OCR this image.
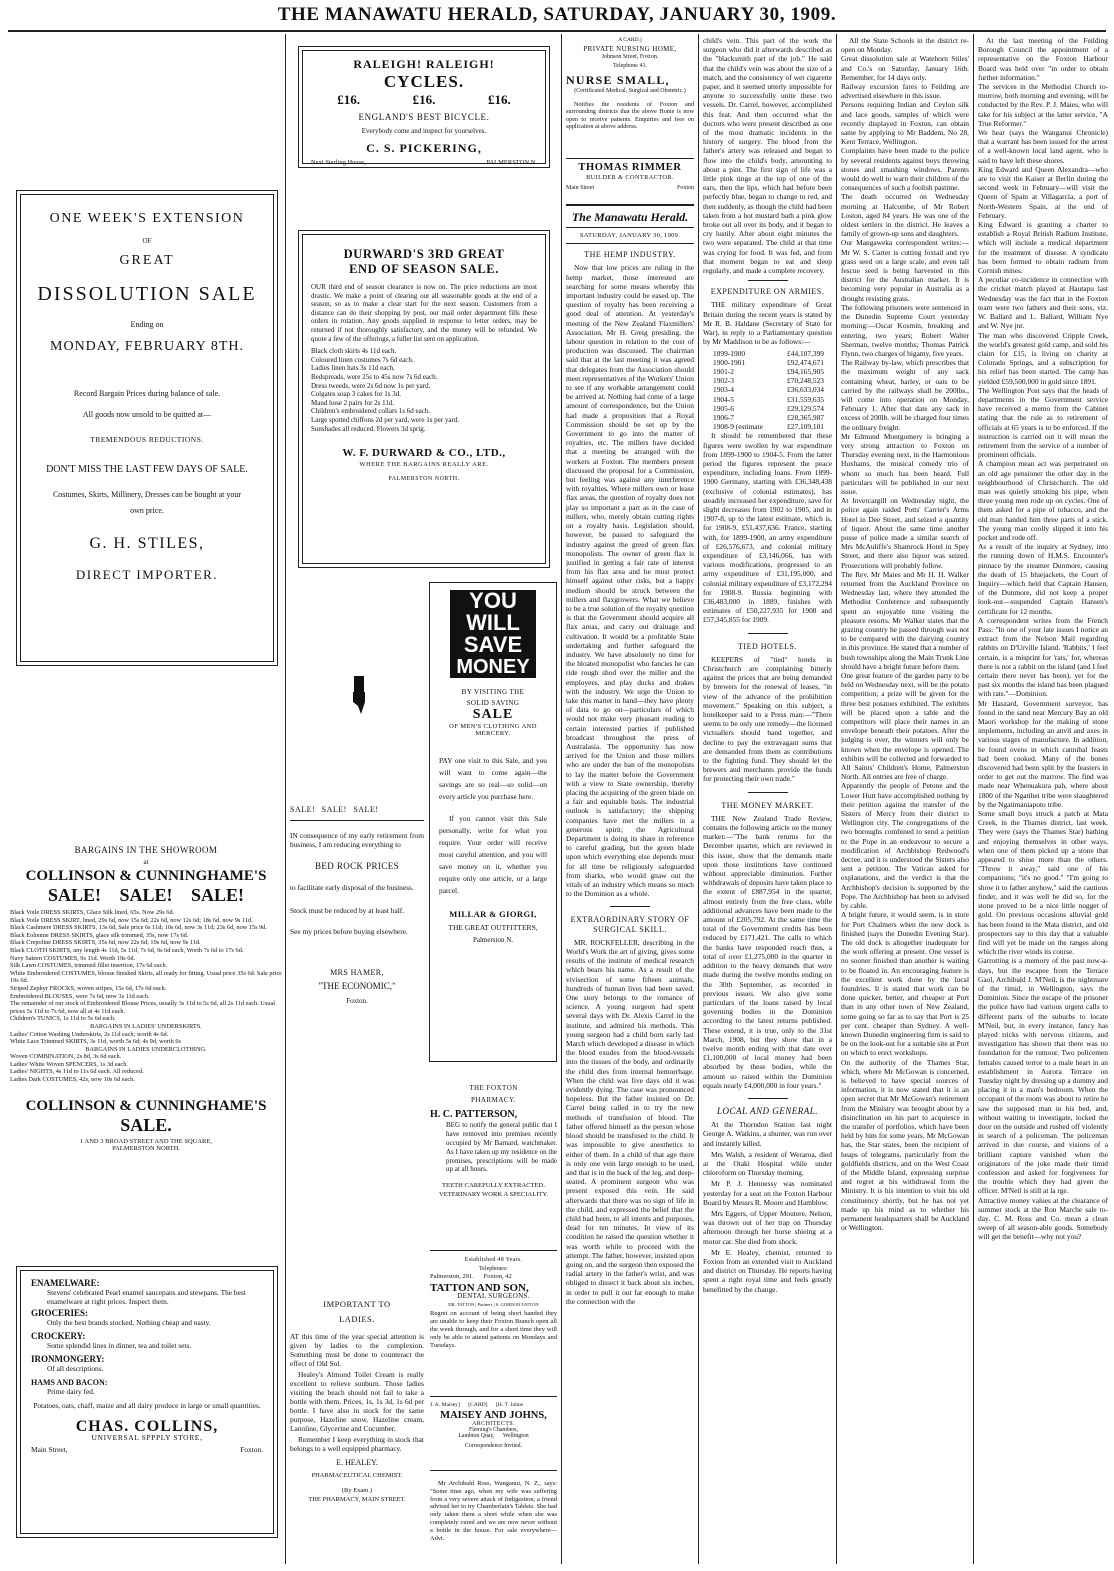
THE MANAWATU HERALD, SATURDAY, JANUARY 30, 1909.
ONE WEEK'S EXTENSION
OF
GREAT
DISSOLUTION SALE
Ending on
MONDAY, FEBRUARY 8TH.
Record Bargain Prices during balance of sale.
All goods now unsold to be quitted at—
TREMENDOUS REDUCTIONS.
DON'T MISS THE LAST FEW DAYS OF SALE.
Costumes, Skirts, Millinery, Dresses can be bought at your own price.
G. H. STILES,
DIRECT IMPORTER.
BARGAINS IN THE SHOWROOM
at
COLLINSON & CUNNINGHAME'S
SALE! SALE! SALE!
Black Voile DRESS SKIRTS, Glace Silk lined, 65s. Now 29s 6d.
Black Voile DRESS SKIRT, lined, 29s 6d, now 15s 6d; 22s 6d, now 12s 6d; 18s 6d, now 9s 11d.
Black Cashmere DRESS SKIRTS, 13s 6d, Sale price 6s 11d; 10s 6d, now 3s 11d; 23s 6d, now 15s 9d.
Black Eolienne DRESS SKIRTS, glace silk trimmed, 35s, now 17s 6d.
Black Crepoline DRESS SKIRTS, 35s 6d, now 22s 6d; 19s 6d, now 9s 11d.
Black CLOTH SKIRTS, any length 4s 11d, 5s 11d, 7s 6d, 9s 6d each, Worth 7s 6d to 17s 6d.
Navy Sateen COSTUMES, 9s 11d. Worth 19s 6d.
Silk Lawn COSTUMES, trimmed fillet insertion, 17s 6d each.
White Embroidered COSTUMES, blouse finished Skirts, all ready for fitting. Usual price 35s 6d. Sale price 19s 6d.
Striped Zephyr FROCKS, woven stripes, 15s 6d, 17s 6d each.
Embroidered BLOUSES, were 7s 6d, now 3s 11d each.
The remainder of our stock of Embroidered Blouse Prices, usually 3s 11d to 5s 6d, all 2s 11d each. Usual prices 5s 11d to 7s 6d, now all at 4s 11d each.
Children's TUNICS, 1s 11d to 5s 6d each.
BARGAINS IN LADIES' UNDERSKIRTS.
Ladies' Cotton Washing Underskirts, 2s 11d each; worth 4s 6d.
White Lace Trimmed SKIRTS, 3s 11d, worth 5s 6d; 4s 9d, worth 6s
BARGAINS IN LADIES UNDERCLOTHING.
Woven COMBINATION, 2s 8d, 3s 6d each.
Ladies' White Woven SPENCERS, 1s 3d each.
Ladies' NIGHTS, 4s 11d to 11s 6d each. All reduced.
Ladies Dark COSTUMES, 42s, now 10s 6d each.
COLLINSON & CUNNINGHAME'S
SALE.
1 AND 3 BROAD STREET AND THE SQUARE, PALMERSTON NORTH.
ENAMELWARE:
Stevens' celebrated Pearl enamel saucepans and stewpans. The best enamelware at right prices. Inspect them.
GROCERIES:
Only the best brands stocked. Nothing cheap and nasty.
CROCKERY:
Some splendid lines in dinner, tea and toilet sets.
IRONMONGERY:
Of all descriptions.
HAMS AND BACON:
Prime dairy fed.
Potatoes, oats, chaff, maize and all dairy produce in large or small quantities.
CHAS. COLLINS,
UNIVERSAL SPPPLY STORE,
Main Street,	Foxton.
RALEIGH! RALEIGH!
CYCLES.
£16.	£16.	£16.
ENGLAND'S BEST BICYCLE.
Everybody come and inspect for yourselves.
C. S. PICKERING,
Next Sterling House,	PALMERSTON N.
DURWARD'S 3RD GREAT
END OF SEASON SALE.
OUR third end of season clearance is now on. The price reductions are most drastic. We make a point of clearing out all seasonable goods at the end of a season, so as to make a clear start for the next season. Customers from a distance can do their shopping by post, our mail order department fills these orders in rotation. Any goods supplied in response to letter orders, may be returned if not thoroughly satisfactory, and the money will be refunded. We quote a few of the offerings, a fuller list sent on application.
Black cloth skirts 4s 11d each.
Coloured linen costumes 7s 6d each.
Ladies linen hats 3s 11d each.
Bedspreads, were 25s to 45s now 7s 6d each.
Dress tweeds, were 2s 6d now 1s per yard.
Colgates soap 3 cakes for 1s 3d.
Maud hose 2 pairs for 2s 11d.
Children's embroidered collars 1s 6d each.
Large spotted chiffons 2d per yard, were 1s per yard.
Sunshades all reduced. Flowers 3d sprig.
W. F. DURWARD & CO., LTD.,
WHERE THE BARGAINS REALLY ARE.
PALMERSTON NORTH.
SALE! SALE! SALE!
IN consequence of my early retirement from business, I am reducing everything to
BED ROCK PRICES
to facilitate early disposal of the business.
Stock must be reduced by at least half.
See my prices before buying elsewhere.
MRS HAMER,
"THE ECONOMIC,"
Foxton.
IMPORTANT TO
LADIES.
AT this time of the year special attention is given by ladies to the complexion. Something must be done to counteract the effect of Old Sol.
Healey's Almond Toilet Cream is really excellent to relieve sunburn. Those ladies visiting the beach should not fail to take a bottle with them. Prices, 1s, 1s 3d, 1s 6d per bottle. I have also in stock for the same purpose, Hazeline snow, Hazeline cream, Lanoline, Glycerine and Cucumber.
Remember I keep everything in stock that belongs to a well equipped pharmacy.
E. HEALEY.
PHARMACEUTICAL CHEMIST.
(By Exam.)
THE PHARMACY, MAIN STREET.
YOU
WILL
SAVE
MONEY
BY VISITING THE
SOLID SAVING
SALE
OF MEN'S CLOTHING AND MERCERY.
PAY one visit to this Sale, and you will want to come again—the savings are so real—so solid—on every article you purchase here.
If you cannot visit this Sale personally, write for what you require. Your order will receive most careful attention, and you will save money on it, whether you require only one article, or a large parcel.
MILLAR & GIORGI,
THE GREAT OUTFITTERS,
Palmerston N.
THE FOXTON
PHARMACY.
H. C. PATTERSON,
BEG to notify the general public that I have removed into premises recently occupied by Mr Barnard, watchmaker. As I have taken up my residence on the premises, prescriptions will be made up at all hours.
TEETH CAREFULLY EXTRACTED.
VETERINARY WORK A SPECIALITY.
Established 48 Years.
Telephones:
Palmerston, 291.      Foxton, 42
TATTON AND SON,
DENTAL SURGEONS.
DR. TATTON | Partners | S. GORDON TATTON
Regret on account of being short handed they are unable to keep their Foxton Branch open all the week through, and for a short time they will only be able to attend patients on Mondays and Tuesdays.
J. A. Maisey]      [CARD]      [H. T. Johns
MAISEY AND JOHNS,
ARCHITECTS.
Fleming's Chambers,
Lambton Quay,      Wellington
Correspondence Invited.

Mr Archibald Ross, Wanganui, N. Z., says: "Some time ago, when my wife was suffering from a very severe attack of Indigestion, a friend advised her to try Chamberlain's Tablets. She had only taken them a short while when she was completely cured and we are now never without a bottle in the house. For sale everywhere—Advt.

A CARD.]
PRIVATE NURSING HOME,
Johnson Street, Foxton.
Telephone 43.
NURSE SMALL,
(Certificated Medical, Surgical and Obstetric.)
Notifies the residents of Foxton and surrounding districts that the above Home is now open to receive patients. Enquiries and fees on application at above address.
THOMAS RIMMER
BUILDER & CONTRACTOR.
Main Street	Foxton
The Manawatu Herald.
SATURDAY, JANUARY 30, 1909.
THE HEMP INDUSTRY.

Now that low prices are ruling in the hemp market, those interested are searching for some means whereby this important industry could be eased up. The question of royalty has been receiving a good deal of attention. At yesterday's meeting of the New Zealand Flaxmillers' Association, Mr H. Greig presiding, the labour question in relation to the cost of production was discussed. The chairman said that at the last meeting it was agreed that delegates from the Association should meet representatives of the Workers' Union to see if any workable arrangement could be arrived at. Nothing had come of a large amount of correspondence, but the Union had made a proposition that a Royal Commission should be set up by the Government to go into the matter of royalties, etc. The millers have decided that a meeting be arranged with the workers at Foxton. The members present discussed the proposal for a Commission, but feeling was against any interference with royalties. Where millers own or lease flax areas, the question of royalty does not play so important a part as in the case of millers, who, merely obtain cutting rights on a royalty basis. Legislation should, however, be passed to safeguard the industry against the greed of green flax monopolists. The owner of green flax is justified in getting a fair rate of interest from his flax area and he must protect himself against other risks, but a happy medium should be struck between the millers and flaxgrowers. What we believe to be a true solution of the royalty question is that the Government should acquire all flax areas, and carry out drainage and cultivation. It would be a profitable State undertaking and further safeguard the industry. We have absolutely no time for the bloated monopolist who fancies he can ride rough shod over the miller and the employees, and play ducks and drakes with the industry. We urge the Union to take this matter in hand—they have plenty of data to go on—particulars of which would not make very pleasant reading to certain interested parties if published broadcast throughout the press of Australasia. The opportunity has now arrived for the Union and those millers who are under the ban of the monopolists to lay the matter before the Government with a view to State ownership, thereby placing the acquiring of the green blade on a fair and equitable basis. The industrial outlook is satisfactory; the shipping companies have met the millers in a generous spirit; the Agricultural Department is doing its share in reference to careful grading, but the green blade upon which everything else depends must for all time be religiously safeguarded from sharks, who would gnaw out the vitals of an industry which means so much to the Dominion as a whole.

EXTRAORDINARY STORY OF SURGICAL SKILL.

MR. ROCKFELLER, describing in the World's Work the art of giving, gives some results of the institute of medical research which bears his name. As a result of the vivisection of some fifteen animals, hundreds of human lives had been saved. One story belongs to the romance of science. A young surgeon had spent several days with Dr. Alexis Carrel in the institute, and admired his methods. This young surgeon had a child born early last March which developed a disease in which the blood exudes from the blood-vessels into the tissues of the body, and ordinarily the child dies from internal hemorrhage. When the child was five days old it was evidently dying. The case was pronounced hopeless. But the father insisted on Dr. Carrel being called in to try the new methods of transfusion of blood. The father offered himself as the person whose blood should be transfused to the child. It was impossible to give anesthetics to either of them. In a child of that age there is only one vein large enough to be used, and that is in the back of the leg, and deep-seated. A prominent surgeon who was present exposed this vein. He said afterwards that there was no sign of life in the child, and expressed the belief that the child had been, to all intents and purposes, dead for ten minutes. In view of its condition he raised the question whether it was worth while to proceed with the attempt. The father, however, insisted upon going on, and the surgeon then exposed the radial artery in the father's wrist, and was obliged to dissect it back about six inches, in order to pull it out far enough to make the connection with the

child's vein. This part of the work the surgeon who did it afterwards described as the "blacksmith part of the job." He said that the child's vein was about the size of a match, and the consistency of wet cigarette paper, and it seemed utterly impossible for anyone to successfully unite these two vessels. Dr. Carrel, however, accomplished this feat. And then occurred what the doctors who were present described as one of the most dramatic incidents in the history of surgery. The blood from the father's artery was released and began to flow into the child's body, amounting to about a pint. The first sign of life was a little pink tinge at the top of one of the ears, then the lips, which had before been perfectly blue, began to change to red, and then suddenly, as though the child had been taken from a hot mustard bath a pink glow broke out all over its body, and it began to cry lustily. After about eight minutes the two were separated. The child at that time was crying for food. It was fed, and from that moment began to eat and sleep regularly, and made a complete recovery.

EXPENDITURE ON ARMIES.

THE military expenditure of Great Britain during the recent years is stated by Mr R. B. Haldane (Secretary of State for War), in reply to a Parliamentary question by Mr Maddison to be as follows:—

1899-1900	£44,107,399
1900-1901	£92,474,671
1901-2	£94,165,905
1902-3	£70,248,523
1903-4	£36,633,034
1904-5	£31,559,635
1905-6	£29,129,574
1906-7	£28,365,987
1908-9 (estimate	£27,109,101

It should be remembered that these figures were swollen by war expenditure from 1899-1900 to 1904-5. From the latter period the figures represent the peace expenditure, including loans. From 1899-1900 Germany, starting with £36,348,438 (exclusive of colonial estimates), has steadily increased her expenditure, save for slight decreases from 1902 to 1905, and in 1907-8, up to the latest estimate, which is, for 1908-9, £51,437,636. France, starting with, for 1899-1900, an army expenditure of £26,576,673, and colonial military expenditure of £3,146,066, has with various modifications, progressed to an army expenditure of £31,195,000, and colonial military expenditure of £3,172,294 for 1908-9. Russia beginning with £36,483,000 in 1889, finishes with estimates of £50,227,935 for 1908 and £57,345,855 for 1909.

TIED HOTELS.

KEEPERS of "tied" hotels in Christchurch are complaining bitterly against the prices that are being demanded by brewers for the renewal of leases, "in view of the advance of the prohibition movement." Speaking on this subject, a hotelkeeper said to a Press man:—"There seems to be only one remedy—the licensed victuallers should band together, and decline to pay the extravagant sums that are demanded from them as contributions to the fighting fund. They should let the brewers and merchants provide the funds for protecting their own trade."

THE MONEY MARKET.

THE New Zealand Trade Review, contains the following article on the money market:—"The bank returns for the December quarter, which are reviewed in this issue, show that the demands made upon those institutions have continued without appreciable diminution. Further withdrawals of deposits have taken place to the extent of £887,954 in the quarter, almost entirely from the free class, while additional advances have been made to the amount of £205,792. At the same time the total of the Government credits has been reduced by £171,421. The calls to which the banks have responded reach thus, a total of over £1,275,000 in the quarter in addition to the heavy demands that were made during the twelve months ending on the 30th September, as recorded in previous issues. We also give some particulars of the loans raised by local governing bodies in the Dominion according to the latest returns published. These extend, it is true, only to the 31st March, 1908, but they show that in a twelve month ending with that date over £1,100,000 of local money had been absorbed by these bodies, while the amount so raised within the Dominion equals nearly £4,000,000 in four years."

LOCAL AND GENERAL.

At the Thorndon Station last night George A. Watkins, a shunter, was run over and instantly killed.

Mrs Walsh, a resident of Weraroa, died at the Otaki Hospital while under chloroform on Thursday morning.

Mr P. J. Hennessy was nominated yesterday for a seat on the Foxton Harbour Board by Messrs R. Moore and Hamblow.

Mrs Eggers, of Upper Moutere, Nelson, was thrown out of her trap on Thursday afternoon through her horse shieing at a motor car. She died from shock.

Mr E. Healey, chemist, returned to Foxton from an extended visit to Auckland and district on Thursday. He reports having spent a right royal time and feels greatly benefitted by the change.

All the State Schools in the district re-open on Monday.
Great dissolution sale at Watehorn Stiles' and Co.'s on Saturday, January 16th. Remember, for 14 days only.
Railway excursion fares to Feilding are advertised elsewhere in this issue.
Persons requiring Indian and Ceylon silk and lace goods, samples of which were recently displayed in Foxton, can obtain same by applying to Mr Baddem, No 28, Kent Terrace, Wellington.
Complaints have been made to the police by several residents against boys throwing stones and smashing windows. Parents would do well to warn their children of the consequences of such a foolish pastime.
The death occurred on Wednesday morning at Halcombe, of Mr Robert Loston, aged 84 years. He was one of the oldest settlers in the district. He leaves a family of grown-up sons and daughters.
Our Mangaweka correspondent writes:—Mr W. S. Carter is cutting foxtail and rye grass seed on a large scale, and even tall fescue seed is being harvested in this district for the Australian market. It is becoming very popular in Australia as a drought resisting grass.
The following prisoners were sentenced in the Dunedin Supreme Court yesterday morning:—Oscar Kosmin, breaking and entering, two years; Robert Walter Sherman, twelve months; Thomas Patrick Flynn, two charges of bigamy, five years.
The Railway by-law, which prescribes that the maximum weight of any sack containing wheat, barley, or oats to be carried by the railways shall be 200lbs., will come into operation on Monday, February 1. After that date any sack in excess of 200lb. will be charged four times the ordinary freight.
Mr Edmund Montgomery is bringing a very strong attraction to Foxton on Thursday evening next, in the Harmonious Huxhams, the musical comedy trio of whom so much has been heard. Full particulars will be published in our next issue.
At Invercargill on Wednesday night, the police again raided Potts' Carrier's Arms Hotel in Dee Street, and seized a quantity of liquor. About the same time another posse of police made a similar search of Mrs McAuliffe's Shamrock Hotel in Spey Street, and there also liquor was seized. Prosecutions will probably follow.
The Rev. Mr Maies and Mr H. H. Walker returned from the Auckland Province on Wednesday last, where they attended the Methodist Conference and subsequently spent an enjoyable time visiting the pleasure resorts. Mr Walker states that the grazing country he passed through was not to be compared with the dairying country in this province. He stated that a number of bush townships along the Main Trunk Line should have a bright future before them.
One great feature of the garden party to be held on Wednesday next, will be the potato competition; a prize will be given for the three best potatoes exhibited. The exhibits will be placed upon a table and the competitors will place their names in an envelope beneath their potatoes. After the judging is over, the winners will only be known when the envelope is opened. The exhibits will be collected and forwarded to All Saints' Children's Home, Palmerston North. All entries are free of charge.
Apparently the people of Petone and the Lower Hutt have accomplished nothing by their petition against the transfer of the Sisters of Mercy from their district to Wellington city. The congregations of the two boroughs combined to send a petition to the Pope in an endeavour to secure a modification of Archbishop Redwood's decree, and it is understood the Sisters also sent a petition. The Vatican asked for explanations, and the verdict is that the Archbishop's decision is supported by the Pope. The Archbishop has been so advised by cable.
A bright future, it would seem, is in store for Port Chalmers when the new dock is finished (says the Dunedin Evening Star). The old dock is altogether inadequate for the work offering at present. One vessel is no sooner finished than another is waiting to be floated in. An encouraging feature is the excellent work done by the local foundries. It is stated that work can be done quicker, better, and cheaper at Port than in any other town of New Zealand, some going so far as to say that Port is 25 per cent. cheaper than Sydney. A well-known Dunedin engineering firm is said to be on the look-out for a suitable site at Port on which to erect workshops.
On the authority of the Thames Star, which, where Mr McGowan is concerned, is believed to have special sources of information, it is now stated that it is an open secret that Mr McGowan's retirement from the Ministry was brought about by a disinclination on his part to acquiesce in the transfer of portfolios, which have been held by him for some years. Mr McGowan has, the Star states, been the recipient of heaps of telegrams, particularly from the goldfields districts, and on the West Coast of the Middle Island, expressing surprise and regret at his withdrawal from the Ministry. It is his intention to visit his old constituency shortly, but he has not yet made up his mind as to whether his permanent headquarters shall be Auckland or Wellington.
At the last meeting of the Feilding Borough Council the appointment of a representative on the Foxton Harbour Board was held over "in order to obtain further information."
The services in the Methodist Church to-morrow, both morning and evening, will be conducted by the Rev. P. J. Maies, who will take for his subject at the latter service, "A True Reformer."
We hear (says the Wanganui Chronicle) that a warrant has been issued for the arrest of a well-known local land agent, who is said to have left these shores.
King Edward and Queen Alexandra—who are to visit the Kaiser at Berlin during the second week in February—will visit the Queen of Spain at Villagarcia, a port of North-Western Spain, at the end of February.
King Edward is granting a charter to establish a Royal British Radium Institute, which will include a medical department for the treatment of disease. A syndicate has been formed to obtain radium from Cornish mines.
A peculiar co-incidence in connection with the cricket match played at Hautapu last Wednesday was the fact that in the Foxton team were two fathers and their sons, viz. W. Ballard and L. Ballard, William Nye and W. Nye jnr.
The man who discovered Cripple Creek, the world's greatest gold camp, and sold his claim for £15, is living on charity at Colorado Springs, and a subscription for his relief has been started. The camp has yielded £59,500,000 in gold since 1891.
The Wellington Post says that the heads of departments in the Government service have received a memo from the Cabinet stating that the rule as to retirement of officials at 65 years is to be enforced. If the instruction is carried out it will mean the retirement from the service of a number of prominent officials.
A champion mean act was perpetrated on an old age pensioner the other day in the neighbourhood of Christchurch. The old man was quietly smoking his pipe, when three young men rode up on cycles. One of them asked for a pipe of tobacco, and the old man handed him three parts of a stick. The young man coolly slipped it into his pocket and rode off.
As a result of the inquiry at Sydney, into the running down of H.M.S. Encounter's pinnace by the steamer Dunmore, causing the death of 15 bluejackets, the Court of Inquiry—which held that Captain Hansen, of the Dunmore, did not keep a proper look-out—suspended Captain Hansen's certificate for 12 months.
A correspondent writes from the French Pass: "In one of your late issues I notice an extract from the Nelson Mail regarding rabbits on D'Urville Island. 'Rabbits,' I feel certain, is a misprint for 'rats,' for, whereas there is not a rabbit on the island (and I feel certain there never has been), yet for the past six months the island has been plagued with rats."—Dominion.
Mr Haszard, Government surveyor, has found in the sand near Mercury Bay an old Maori workshop for the making of stone implements, including an anvil and axes in various stages of manufacture. In addition, he found ovens in which cannibal feasts had been cooked. Many of the bones discovered had been split by the feasters in order to get out the marrow. The find was made near Whenuakura pah, where about 1800 of the Ngatihei tribe were slaughtered by the Ngatimaniapoto tribe.
Some small boys struck a patch at Mata Creek, in the Thames district, last week. They were (says the Thames Star) bathing and enjoying themselves in other ways, when one of them picked up a stone that appeared to shine more than the others. "Throw it away," said one of his companions; "it's no good." "I'm going to show it to father anyhow," said the cautious finder, and it was well he did so, for the stone proved to be a nice little nugget of gold. On previous occasions alluvial gold has been found in the Mata district, and old prospectors say to this day that a valuable find will yet be made on the ranges along which the river winds its course.
Garrotting is a memory of the past now-a-days, but the escapee from the Terrace Gaol, Archibald J. M'Neil, is the nightmare of the timid, in Wellington, says the Dominion. Since the escape of the prisoner the police have had various urgent calls to different parts of the suburbs to locate M'Neil, but, in every instance, fancy has played tricks with nervous citizens, and investigation has shown that there was no foundation for the rumour. Two policemen females caused terror to a male heart in an establishment in Aurora Terrace on Tuesday night by dressing up a dummy and placing it in a man's bedroom. When the occupant of the room was about to retire he saw the supposed man in his bed, and, without waiting to investigate, locked the door on the outside and rushed off violently in search of a policeman. The policeman arrived in due course, and visions of a brilliant capture vanished when the originators of the joke made their timid confession and asked for forgiveness for the trouble which they had given the officer. M'Neil is still at la rge.
Attractive money values at the clearance of summer stock at the Ron Marche sale to-day. C. M. Ross and Co. mean a clean sweep of all season-able goods. Somebody will get the benefit—why not you?
